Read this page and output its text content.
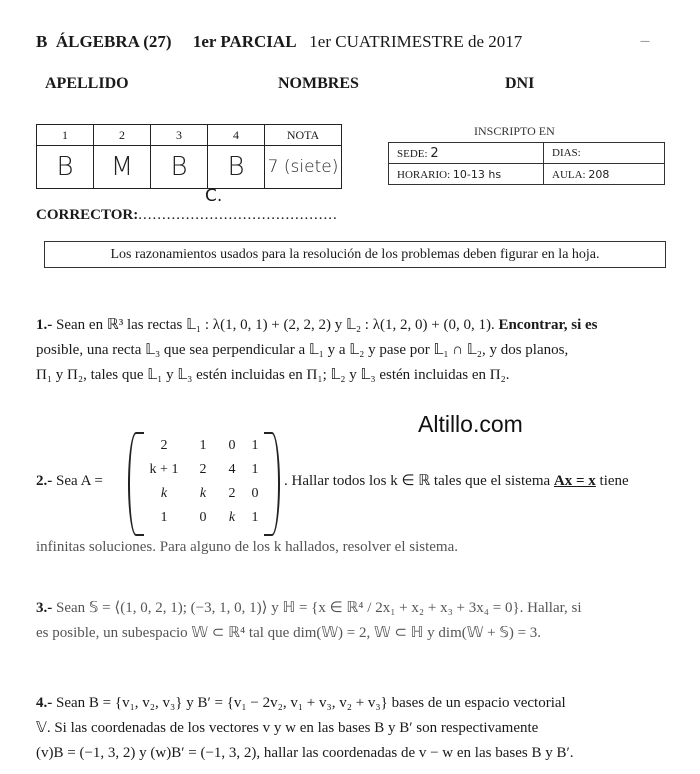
B ÁLGEBRA (27) 1er PARCIAL 1er CUATRIMESTRE de 2017	—
APELLIDO	NOMBRES	DNI
1	2	3	4	NOTA
B	M	B	B	7 (siete)
INSCRIPTO EN
SEDE: 2	DIAS:
HORARIO: 10-13 hs	AULA: 208
C.
CORRECTOR:..........................................
Los razonamientos usados para la resolución de los problemas deben figurar en la hoja.
1.- Sean en ℝ³ las rectas 𝕃₁ : λ(1, 0, 1) + (2, 2, 2) y 𝕃₂ : λ(1, 2, 0) + (0, 0, 1). Encontrar, si es
posible, una recta 𝕃₃ que sea perpendicular a 𝕃₁ y a 𝕃₂ y pase por 𝕃₁ ∩ 𝕃₂, y dos planos,
Π₁ y Π₂, tales que 𝕃₁ y 𝕃₃ estén incluidas en Π₁; 𝕃₂ y 𝕃₃ estén incluidas en Π₂.
Altillo.com
2.- Sea A =
2	1	0	1
k + 1	2	4	1
k	k	2	0
1	0	k	1
. Hallar todos los k ∈ ℝ tales que el sistema Ax = x tiene
infinitas soluciones. Para alguno de los k hallados, resolver el sistema.
3.- Sean 𝕊 = ⟨(1, 0, 2, 1); (−3, 1, 0, 1)⟩ y ℍ = {x ∈ ℝ⁴ / 2x₁ + x₂ + x₃ + 3x₄ = 0}. Hallar, si
es posible, un subespacio 𝕎 ⊂ ℝ⁴ tal que dim(𝕎) = 2, 𝕎 ⊂ ℍ y dim(𝕎 + 𝕊) = 3.
4.- Sean B = {v₁, v₂, v₃} y B′ = {v₁ − 2v₂, v₁ + v₃, v₂ + v₃} bases de un espacio vectorial
𝕍. Si las coordenadas de los vectores v y w en las bases B y B′ son respectivamente
(v)B = (−1, 3, 2) y (w)B′ = (−1, 3, 2), hallar las coordenadas de v − w en las bases B y B′.
